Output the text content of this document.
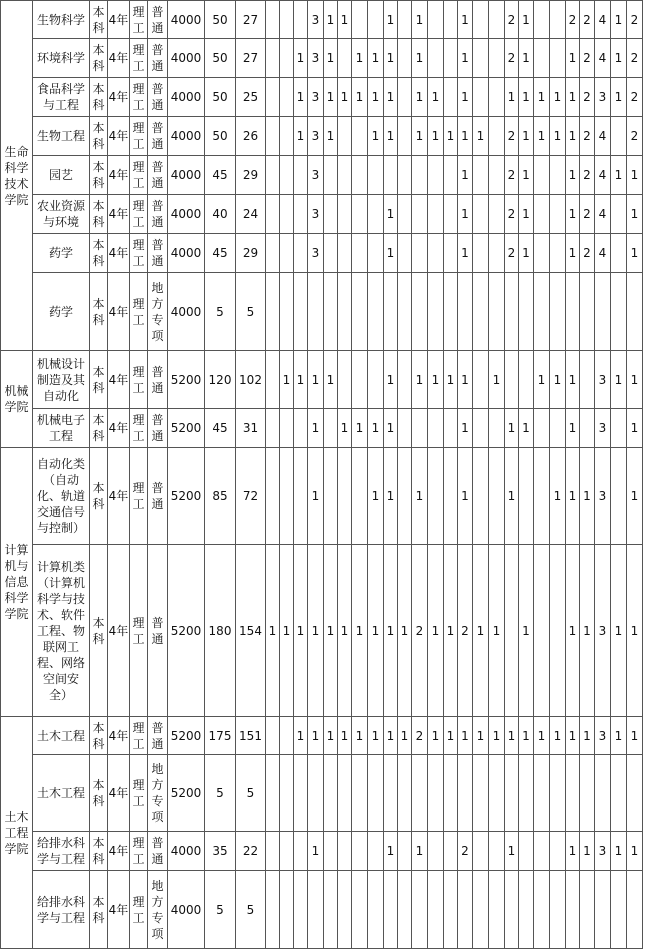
生命科学技术学院	生物科学	本科	4年	理工	普通	4000	50	27				3	1	1			1		1			1			2	1			2	2	4	1	2	
	环境科学	本科	4年	理工	普通	4000	50	27			1	3	1		1	1	1		1			1			2	1			1	2	4	1	2	
	食品科学与工程	本科	4年	理工	普通	4000	50	25			1	3	1	1	1	1	1		1	1		1			1	1	1	1	1	2	3	1	2	
	生物工程	本科	4年	理工	普通	4000	50	26			1	3	1			1	1		1	1	1	1	1		2	1	1	1	1	2	4		2	
	园艺	本科	4年	理工	普通	4000	45	29				3										1			2	1			1	2	4	1	1	
	农业资源与环境	本科	4年	理工	普通	4000	40	24				3					1					1			2	1			1	2	4		1	
	药学	本科	4年	理工	普通	4000	45	29				3					1					1			2	1			1	2	4		1	
	药学	本科	4年	理工	地方专项	4000	5	5																										
机械学院	机械设计制造及其自动化	本科	4年	理工	普通	5200	120	102		1	1	1	1				1		1	1	1	1		1			1	1	1		3	1	1	
	机械电子工程	本科	4年	理工	普通	5200	45	31				1		1	1	1	1					1			1	1			1		3		1	
计算机与信息科学学院	自动化类（自动化、轨道交通信号与控制）	本科	4年	理工	普通	5200	85	72				1				1	1		1			1			1			1	1	1	3		1	
	计算机类（计算机科学与技术、软件工程、物联网工程、网络空间安全）	本科	4年	理工	普通	5200	180	154	1	1	1	1	1	1	1	1	1	1	2	1	1	2	1	1		1			1	1	3	1	1	
土木工程学院	土木工程	本科	4年	理工	普通	5200	175	151			1	1	1	1	1	1	1	1	2	1	1	1	1	1	1	1	1	1	1	1	3	1	1	
	土木工程	本科	4年	理工	地方专项	5200	5	5																										
	给排水科学与工程	本科	4年	理工	普通	4000	35	22				1					1		1			2			1				1	1	3	1	1	
	给排水科学与工程	本科	4年	理工	地方专项	4000	5	5																										
